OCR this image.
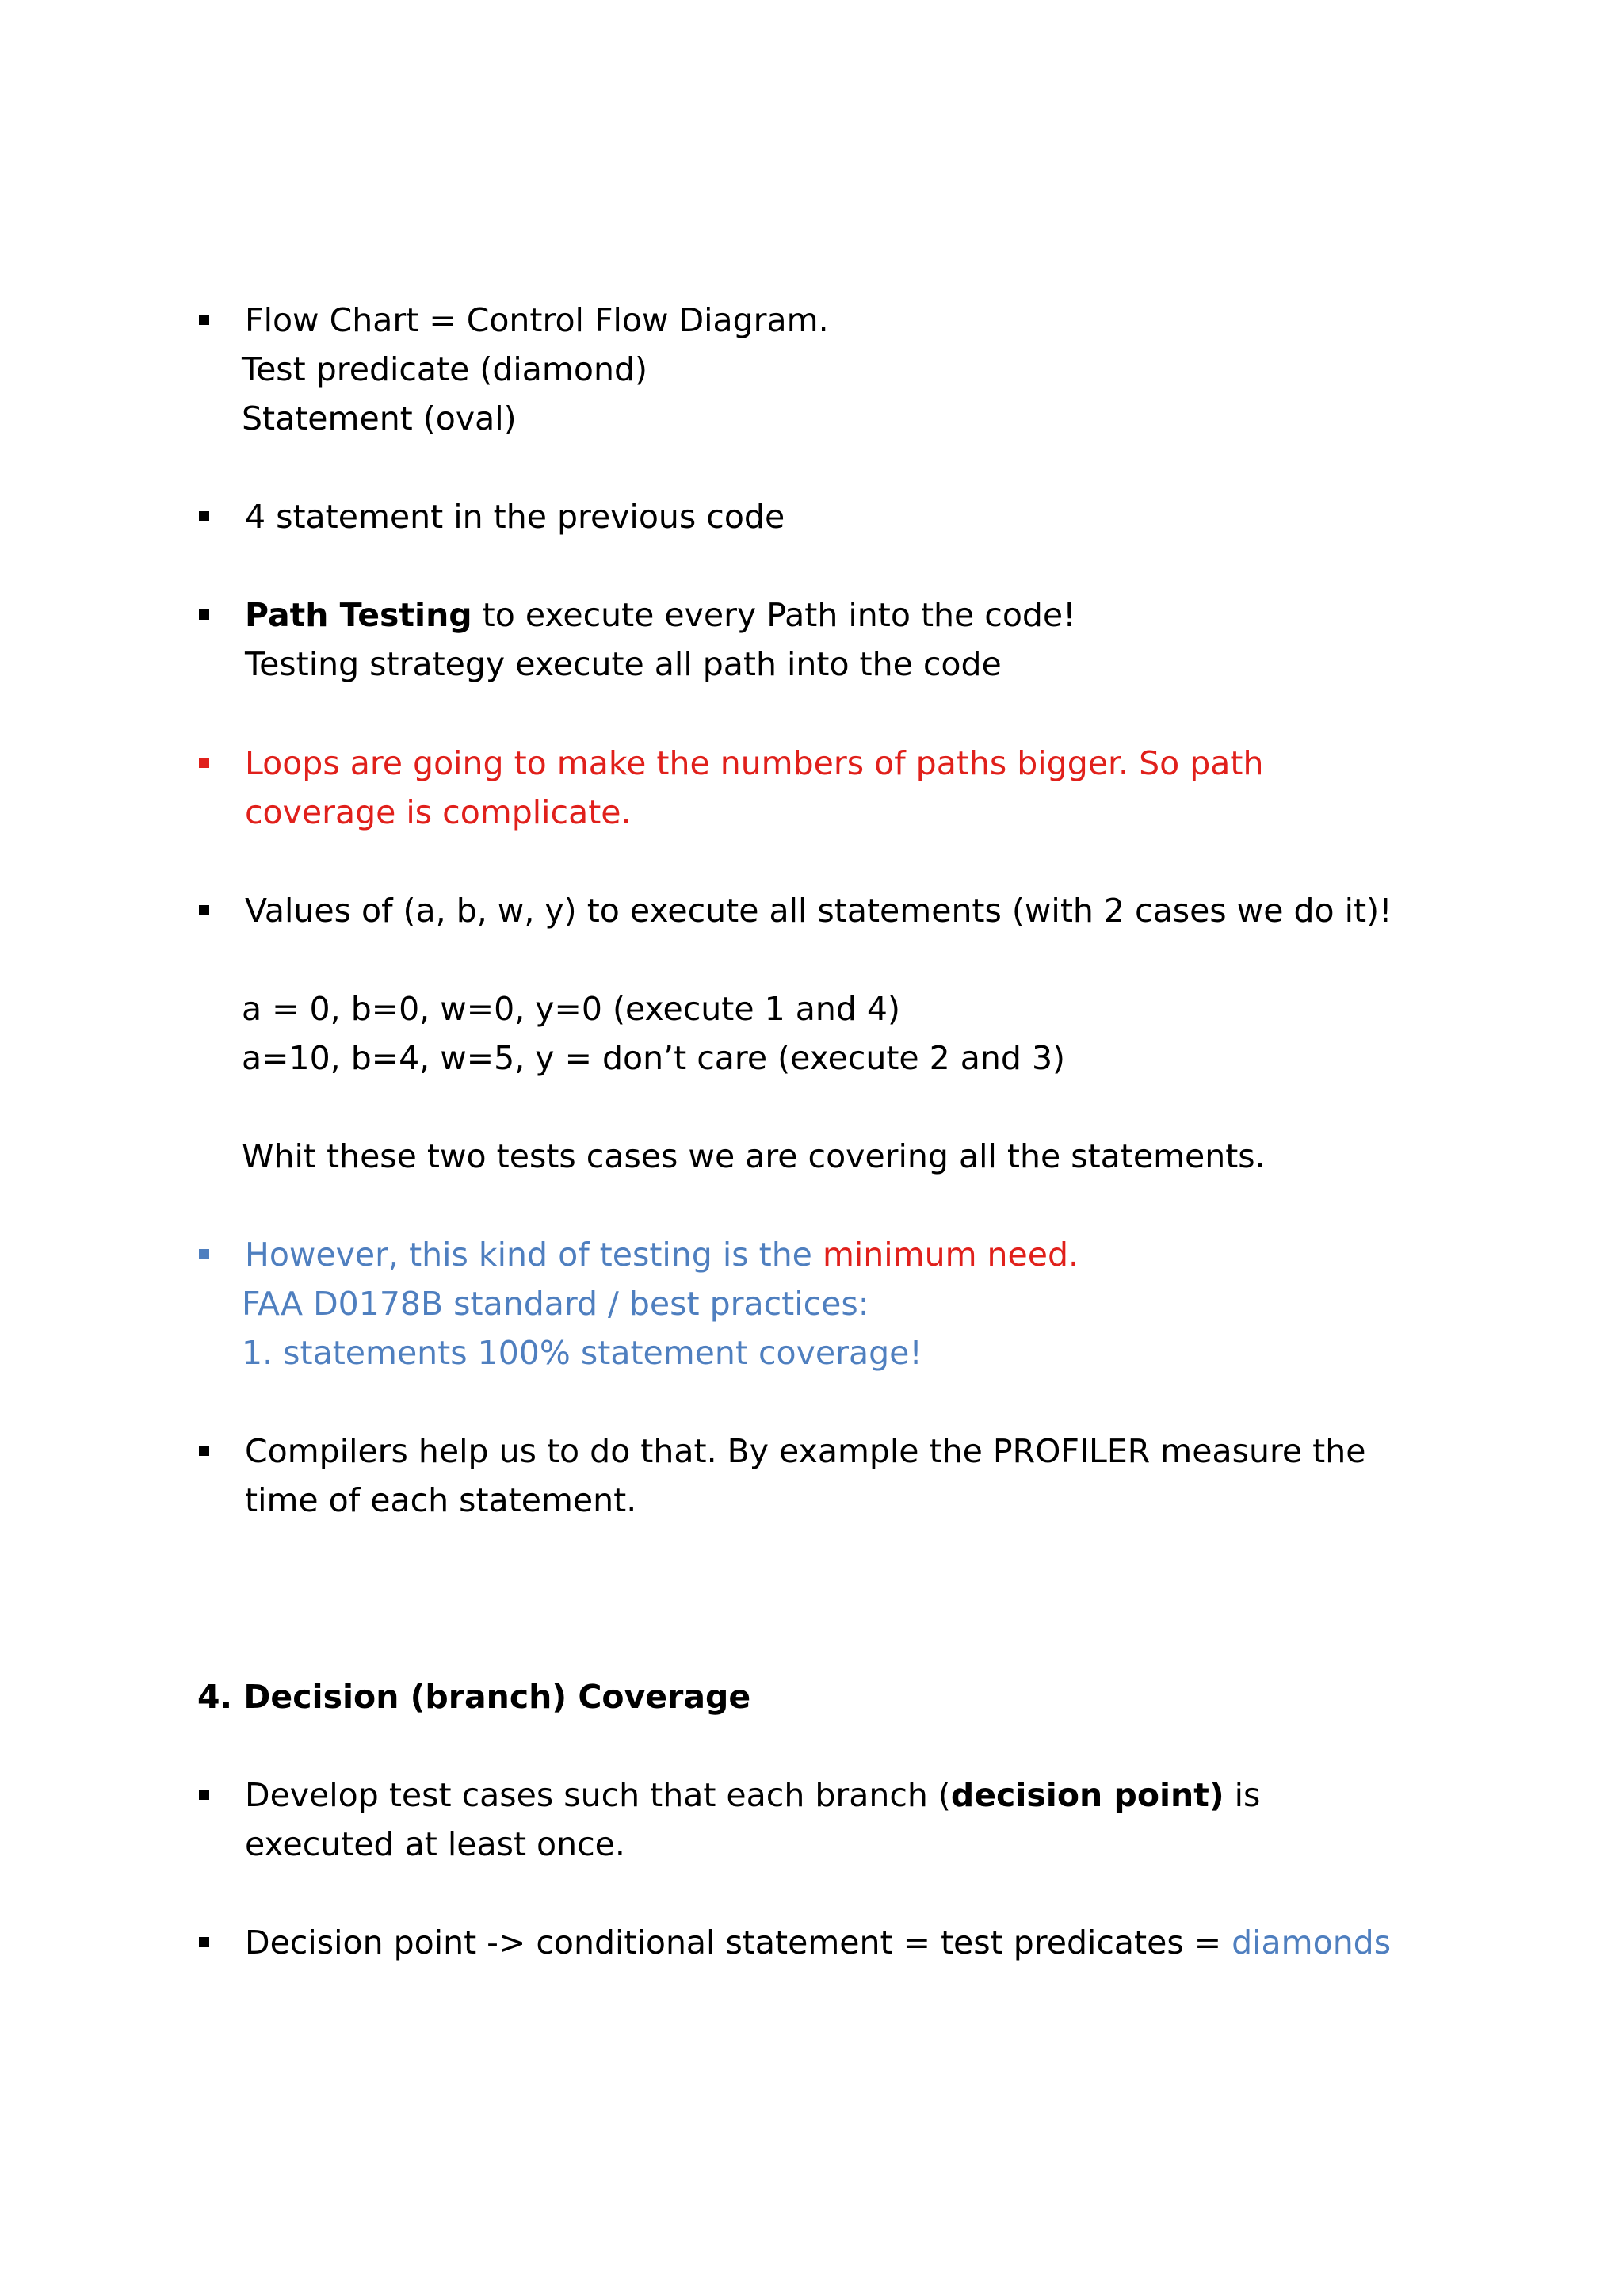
Flow Chart = Control Flow Diagram.
Test predicate (diamond)
Statement (oval)
4 statement in the previous code
Path Testing to execute every Path into the code!
Testing strategy execute all path into the code
Loops are going to make the numbers of paths bigger. So path
coverage is complicate.
Values of (a, b, w, y) to execute all statements (with 2 cases we do it)!
a = 0, b=0, w=0, y=0 (execute 1 and 4)
a=10, b=4, w=5, y = don’t care (execute 2 and 3)
Whit these two tests cases we are covering all the statements.
However, this kind of testing is the minimum need.
FAA D0178B standard / best practices:
1. statements 100% statement coverage!
Compilers help us to do that. By example the PROFILER measure the
time of each statement.
4. Decision (branch) Coverage
Develop test cases such that each branch (decision point) is
executed at least once.
Decision point -> conditional statement = test predicates = diamonds
